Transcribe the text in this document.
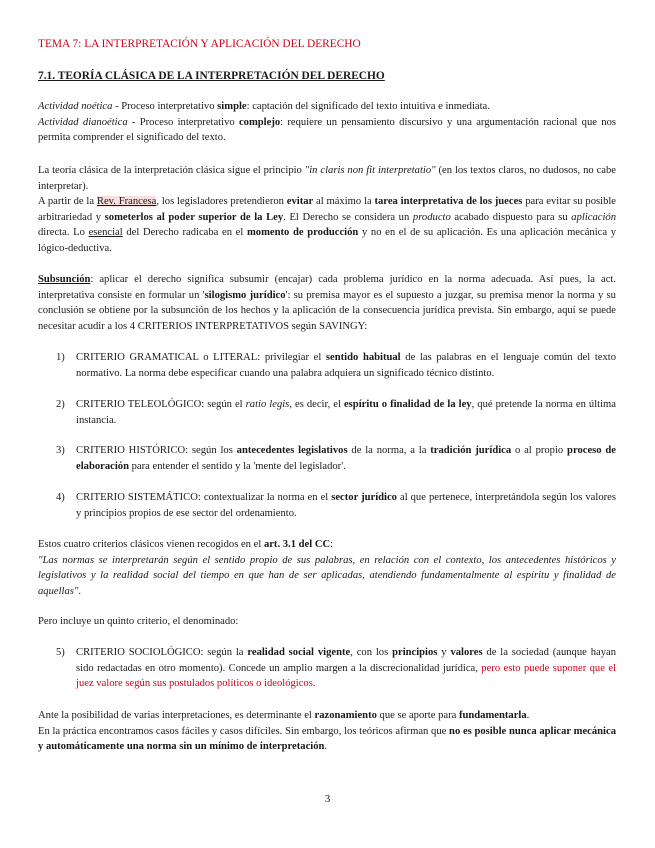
TEMA 7: LA INTERPRETACIÓN Y APLICACIÓN DEL DERECHO
7.1. TEORÍA CLÁSICA DE LA INTERPRETACIÓN DEL DERECHO

Actividad noética - Proceso interpretativo simple: captación del significado del texto intuitiva e inmediata.

Actividad dianoética - Proceso interpretativo complejo: requiere un pensamiento discursivo y una argumentación racional que nos permita comprender el significado del texto.

La teoría clásica de la interpretación clásica sigue el principio "in claris non fit interpretatio" (en los textos claros, no dudosos, no cabe interpretar).

A partir de la Rev. Francesa, los legisladores pretendieron evitar al máximo la tarea interpretativa de los jueces para evitar su posible arbitrariedad y someterlos al poder superior de la Ley. El Derecho se considera un producto acabado dispuesto para su aplicación directa. Lo esencial del Derecho radicaba en el momento de producción y no en el de su aplicación. Es una aplicación mecánica y lógico-deductiva.

Subsunción: aplicar el derecho significa subsumir (encajar) cada problema jurídico en la norma adecuada. Así pues, la act. interpretativa consiste en formular un 'silogismo jurídico': su premisa mayor es el supuesto a juzgar, su premisa menor la norma y su conclusión se obtiene por la subsunción de los hechos y la aplicación de la consecuencia jurídica prevista. Sin embargo, aquí se puede necesitar acudir a los 4 CRITERIOS INTERPRETATIVOS según SAVINGY:

1)	CRITERIO GRAMATICAL o LITERAL: privilegiar el sentido habitual de las palabras en el lenguaje común del texto normativo. La norma debe especificar cuando una palabra adquiera un significado técnico distinto.
2)	CRITERIO TELEOLÓGICO: según el ratio legis, es decir, el espíritu o finalidad de la ley, qué pretende la norma en última instancia.
3)	CRITERIO HISTÓRICO: según los antecedentes legislativos de la norma, a la tradición jurídica o al propio proceso de elaboración para entender el sentido y la 'mente del legislador'.
4)	CRITERIO SISTEMÁTICO: contextualizar la norma en el sector jurídico al que pertenece, interpretándola según los valores y principios propios de ese sector del ordenamiento.

Estos cuatro criterios clásicos vienen recogidos en el art. 3.1 del CC:

"Las normas se interpretarán según el sentido propio de sus palabras, en relación con el contexto, los antecedentes históricos y legislativos y la realidad social del tiempo en que han de ser aplicadas, atendiendo fundamentalmente al espíritu y finalidad de aquellas".

Pero incluye un quinto criterio, el denominado:
5)	CRITERIO SOCIOLÓGICO: según la realidad social vigente, con los principios y valores de la sociedad (aunque hayan sido redactadas en otro momento). Concede un amplio margen a la discrecionalidad jurídica, pero esto puede suponer que el juez valore según sus postulados políticos o ideológicos.

Ante la posibilidad de varias interpretaciones, es determinante el razonamiento que se aporte para fundamentarla.

En la práctica encontramos casos fáciles y casos difíciles. Sin embargo, los teóricos afirman que no es posible nunca aplicar mecánica y automáticamente una norma sin un mínimo de interpretación.

3
